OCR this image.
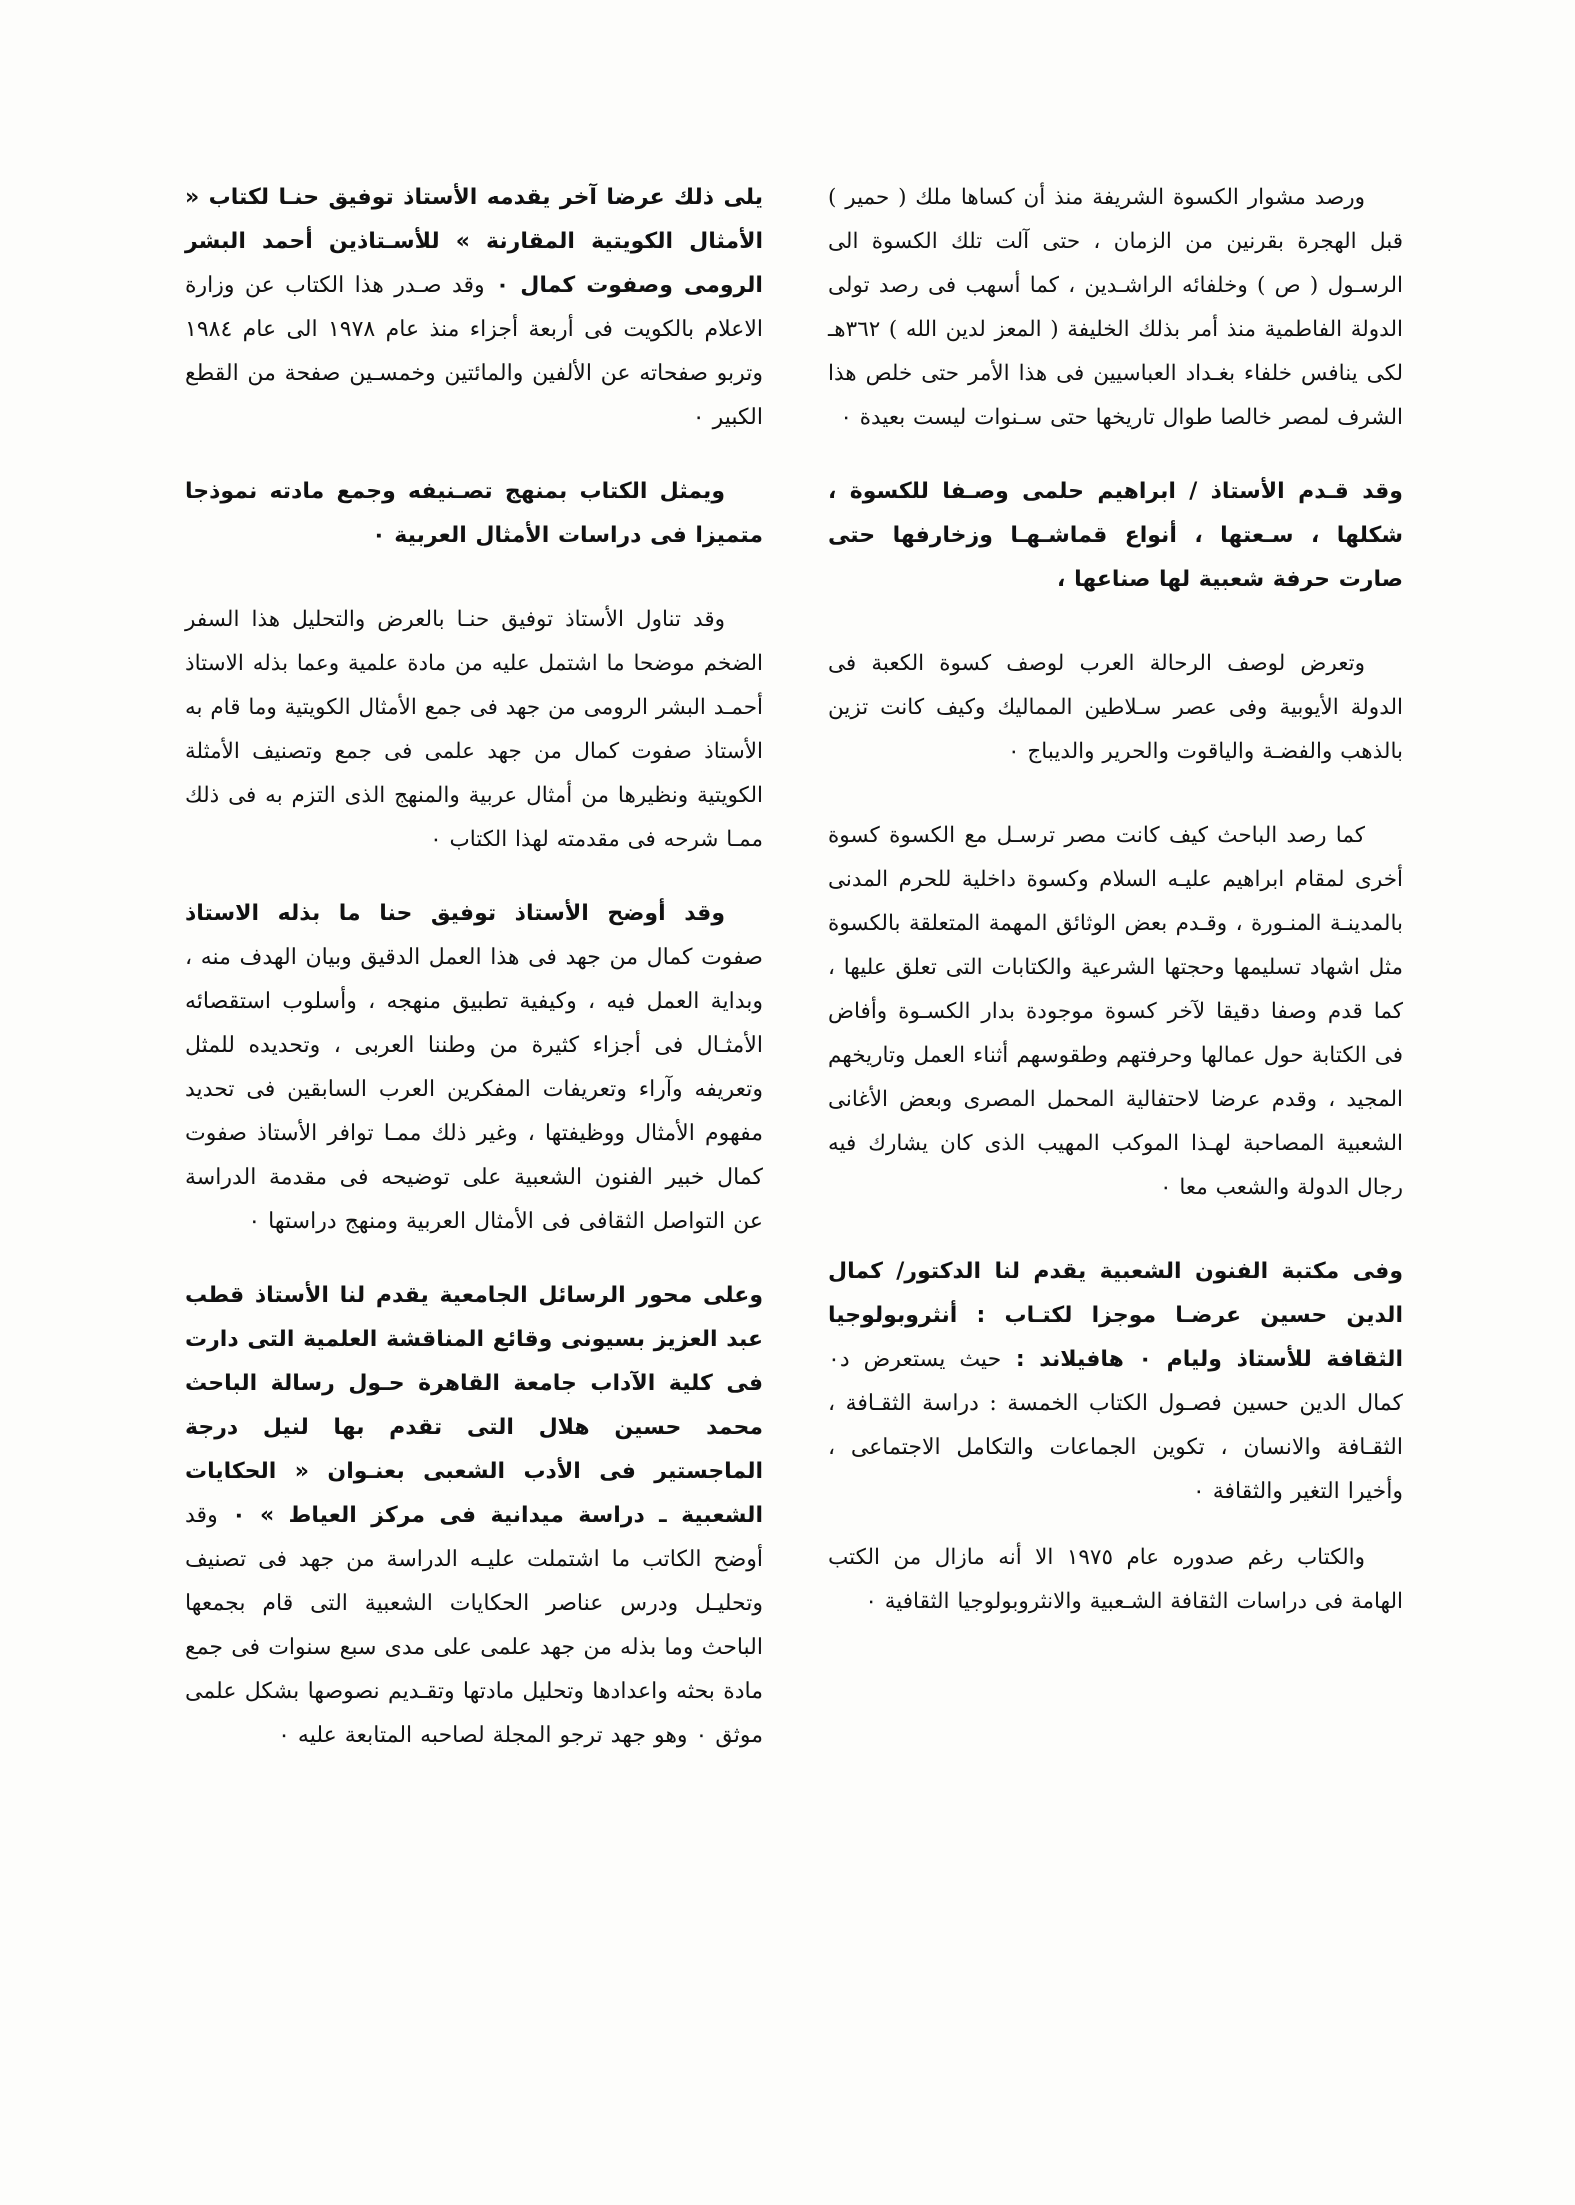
ورصد مشوار الكسوة الشريفة منذ أن كساها ملك ( حمير ) قبل الهجرة بقرنين من الزمان ، حتى آلت تلك الكسوة الى الرسـول ( ص ) وخلفائه الراشـدين ، كما أسهب فى رصد تولى الدولة الفاطمية منذ أمر بذلك الخليفة ( المعز لدين الله ) ٣٦٢هـ لكى ينافس خلفاء بغـداد العباسيين فى هذا الأمر حتى خلص هذا الشرف لمصر خالصا طوال تاريخها حتى سـنوات ليست بعيدة ٠

وقد قـدم الأستاذ / ابراهيم حلمى وصـفا للكسوة ، شكلها ، سـعتها ، أنواع قماشـهـا وزخارفها حتى صارت حرفة شعبية لها صناعها ،

وتعرض لوصف الرحالة العرب لوصف كسوة الكعبة فى الدولة الأيوبية وفى عصر سـلاطين المماليك وكيف كانت تزين بالذهب والفضـة والياقوت والحرير والديباج ٠

كما رصد الباحث كيف كانت مصر ترسـل مع الكسوة كسوة أخرى لمقام ابراهيم عليـه السلام وكسوة داخلية للحرم المدنى بالمدينـة المنـورة ، وقـدم بعض الوثائق المهمة المتعلقة بالكسوة مثل اشهاد تسليمها وحجتها الشرعية والكتابات التى تعلق عليها ، كما قدم وصفا دقيقا لآخر كسوة موجودة بدار الكسـوة وأفاض فى الكتابة حول عمالها وحرفتهم وطقوسهم أثناء العمل وتاريخهم المجيد ، وقدم عرضا لاحتفالية المحمل المصرى وبعض الأغانى الشعبية المصاحبة لهـذا الموكب المهيب الذى كان يشارك فيه رجال الدولة والشعب معا ٠

وفى مكتبة الفنون الشعبية يقدم لنا الدكتور/ كمال الدين حسين عرضـا موجزا لكتـاب : أنثروبولوجيا الثقافة للأستاذ وليام ٠ هافيلاند : حيث يستعرض د٠ كمال الدين حسين فصـول الكتاب الخمسة : دراسة الثقـافة ، الثقـافة والانسان ، تكوين الجماعات والتكامل الاجتماعى ، وأخيرا التغير والثقافة ٠

والكتاب رغم صدوره عام ١٩٧٥ الا أنه مازال من الكتب الهامة فى دراسات الثقافة الشـعبية والانثروبولوجيا الثقافية ٠

يلى ذلك عرضا آخر يقدمه الأستاذ توفيق حنـا لكتاب « الأمثال الكويتية المقارنة » للأسـتاذين أحمد البشر الرومى وصفوت كمال ٠ وقد صـدر هذا الكتاب عن وزارة الاعلام بالكويت فى أربعة أجزاء منذ عام ١٩٧٨ الى عام ١٩٨٤ وتربو صفحاته عن الألفين والمائتين وخمسـين صفحة من القطع الكبير ٠

ويمثل الكتاب بمنهج تصـنيفه وجمع مادته نموذجا متميزا فى دراسات الأمثال العربية ٠

وقد تناول الأستاذ توفيق حنـا بالعرض والتحليل هذا السفر الضخم موضحا ما اشتمل عليه من مادة علمية وعما بذله الاستاذ أحمـد البشر الرومى من جهد فى جمع الأمثال الكويتية وما قام به الأستاذ صفوت كمال من جهد علمى فى جمع وتصنيف الأمثلة الكويتية ونظيرها من أمثال عربية والمنهج الذى التزم به فى ذلك ممـا شرحه فى مقدمته لهذا الكتاب ٠

وقد أوضح الأستاذ توفيق حنا ما بذله الاستاذ صفوت كمال من جهد فى هذا العمل الدقيق وبيان الهدف منه ، وبداية العمل فيه ، وكيفية تطبيق منهجه ، وأسلوب استقصائه الأمثـال فى أجزاء كثيرة من وطننا العربى ، وتحديده للمثل وتعريفه وآراء وتعريفات المفكرين العرب السابقين فى تحديد مفهوم الأمثال ووظيفتها ، وغير ذلك ممـا توافر الأستاذ صفوت كمال خبير الفنون الشعبية على توضيحه فى مقدمة الدراسة عن التواصل الثقافى فى الأمثال العربية ومنهج دراستها ٠

وعلى محور الرسائل الجامعية يقدم لنا الأستاذ قطب عبد العزيز بسيونى وقائع المناقشة العلمية التى دارت فى كلية الآداب جامعة القاهرة حـول رسالة الباحث محمد حسين هلال التى تقدم بها لنيل درجة الماجستير فى الأدب الشعبى بعنـوان « الحكايات الشعبية ـ دراسة ميدانية فى مركز العياط » ٠ وقد أوضح الكاتب ما اشتملت عليـه الدراسة من جهد فى تصنيف وتحليـل ودرس عناصر الحكايات الشعبية التى قام بجمعها الباحث وما بذله من جهد علمى على مدى سبع سنوات فى جمع مادة بحثه واعدادها وتحليل مادتها وتقـديم نصوصها بشكل علمى موثق ٠ وهو جهد ترجو المجلة لصاحبه المتابعة عليه ٠
